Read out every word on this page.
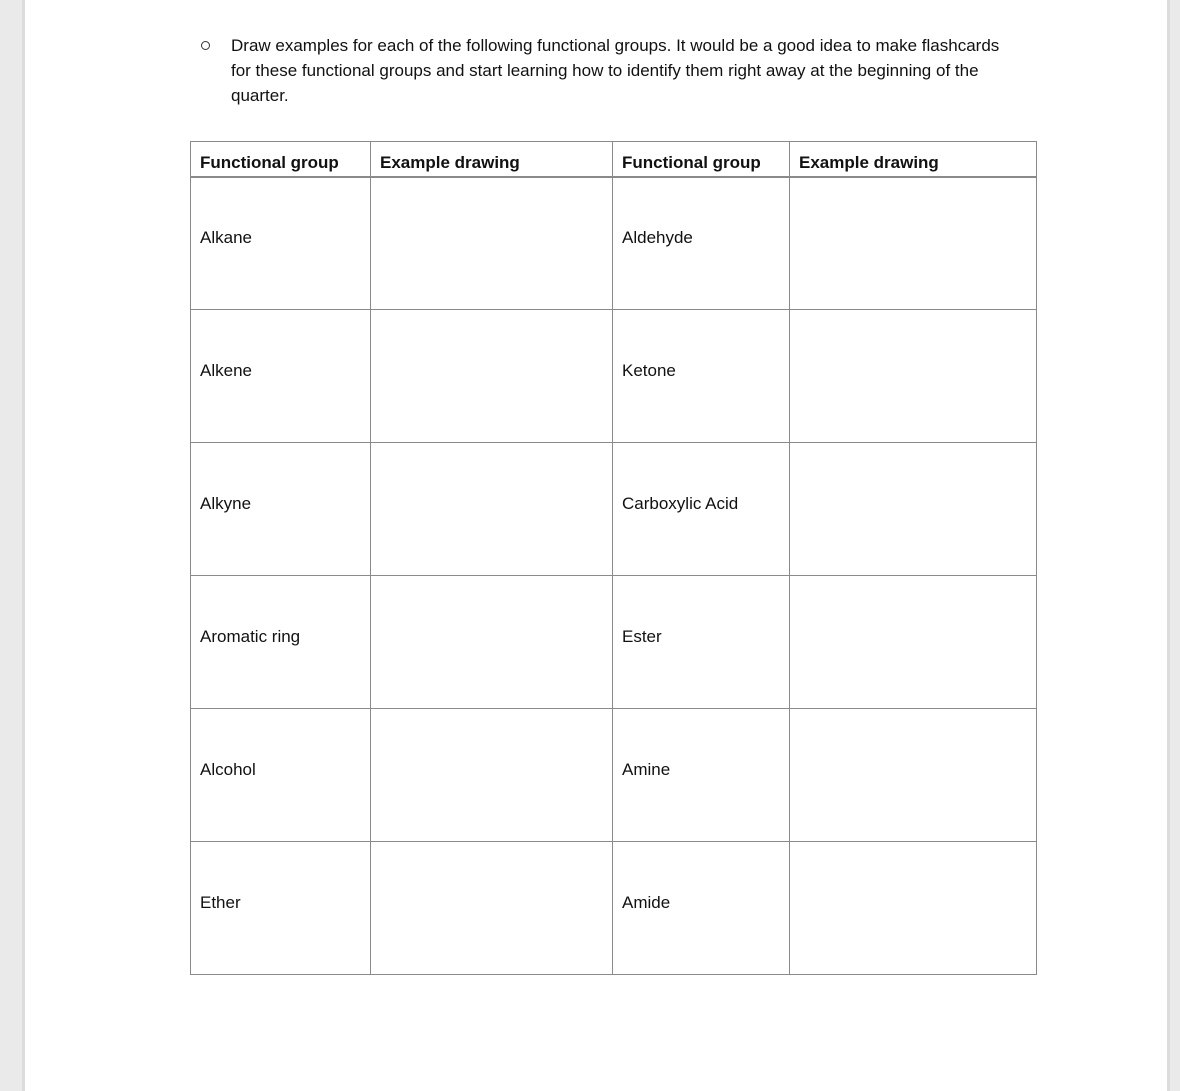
Draw examples for each of the following functional groups. It would be a good idea to make flashcards for these functional groups and start learning how to identify them right away at the beginning of the quarter.
Functional group	Example drawing	Functional group	Example drawing
Alkane		Aldehyde	
Alkene		Ketone	
Alkyne		Carboxylic Acid	
Aromatic ring		Ester	
Alcohol		Amine	
Ether		Amide	
